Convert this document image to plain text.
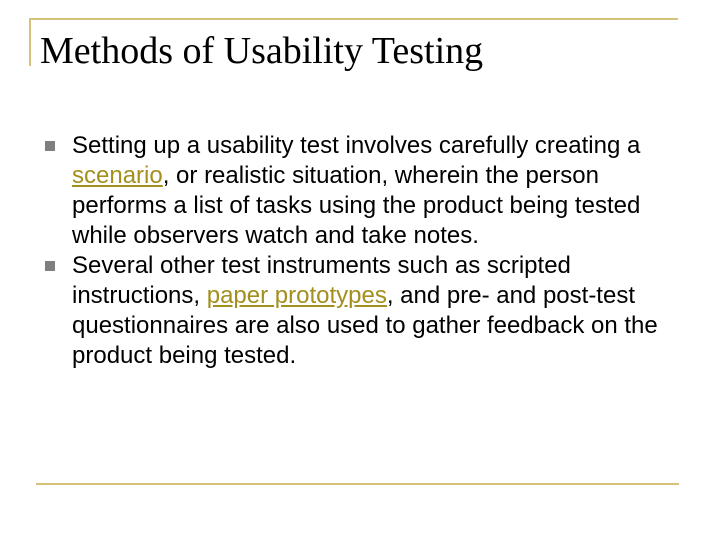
Methods of Usability Testing
Setting up a usability test involves carefully creating a scenario, or realistic situation, wherein the person performs a list of tasks using the product being tested while observers watch and take notes.
Several other test instruments such as scripted instructions, paper prototypes, and pre- and post-test questionnaires are also used to gather feedback on the product being tested.
